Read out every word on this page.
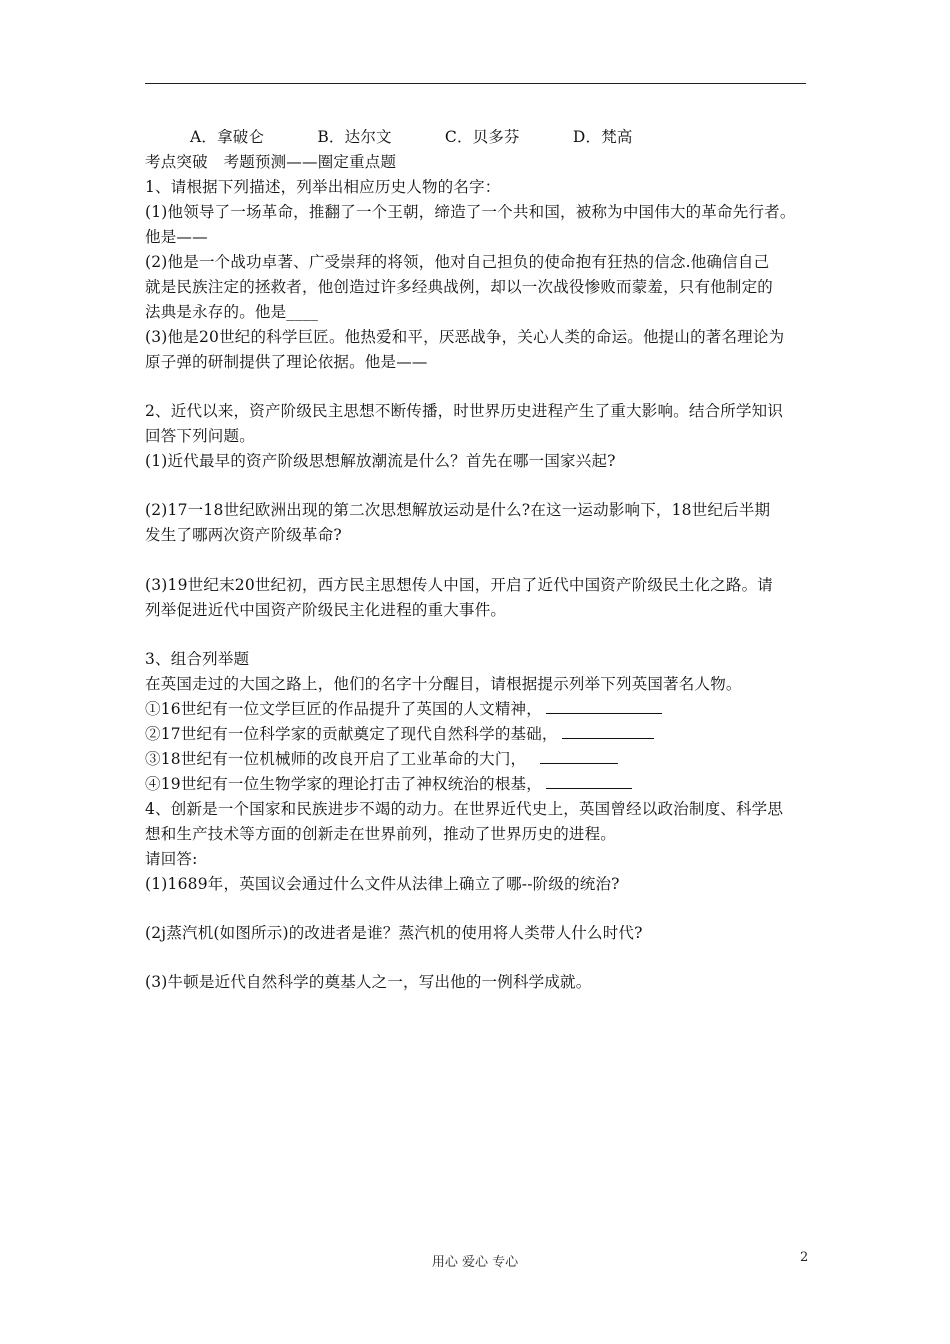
A．拿破仑	B．达尔文	C．贝多芬	D．梵高
考点突破　考题预测——圈定重点题
1、请根据下列描述，列举出相应历史人物的名字：
(1)他领导了一场革命，推翻了一个王朝，缔造了一个共和国，被称为中国伟大的革命先行者。
他是——
(2)他是一个战功卓著、广受崇拜的将领，他对自己担负的使命抱有狂热的信念.他确信自己
就是民族注定的拯救者，他创造过许多经典战例，却以一次战役惨败而蒙羞，只有他制定的
法典是永存的。他是____
(3)他是20世纪的科学巨匠。他热爱和平，厌恶战争，关心人类的命运。他提山的著名理论为
原子弹的研制提供了理论依据。他是——
2、近代以来，资产阶级民主思想不断传播，时世界历史进程产生了重大影响。结合所学知识
回答下列问题。
(1)近代最早的资产阶级思想解放潮流是什么？首先在哪一国家兴起?
(2)17一18世纪欧洲出现的第二次思想解放运动是什么?在这一运动影响下，18世纪后半期
发生了哪两次资产阶级革命?
(3)19世纪末20世纪初，西方民主思想传人中国，开启了近代中国资产阶级民土化之路。请
列举促进近代中国资产阶级民主化进程的重大事件。
3、组合列举题
在英国走过的大国之路上，他们的名字十分醒目，请根据提示列举下列英国著名人物。
①16世纪有一位文学巨匠的作品提升了英国的人文精神，
②17世纪有一位科学家的贡献奠定了现代自然科学的基础，
③18世纪有一位机械师的改良开启了工业革命的大门，
④19世纪有一位生物学家的理论打击了神权统治的根基，
4、创新是一个国家和民族进步不竭的动力。在世界近代史上，英国曾经以政治制度、科学思
想和生产技术等方面的创新走在世界前列，推动了世界历史的进程。
请回答:
(1)1689年，英国议会通过什么文件从法律上确立了哪--阶级的统治?
(2j蒸汽机(如图所示)的改进者是谁？蒸汽机的使用将人类带人什么时代?
(3)牛顿是近代自然科学的奠基人之一，写出他的一例科学成就。
用心 爱心 专心	2
